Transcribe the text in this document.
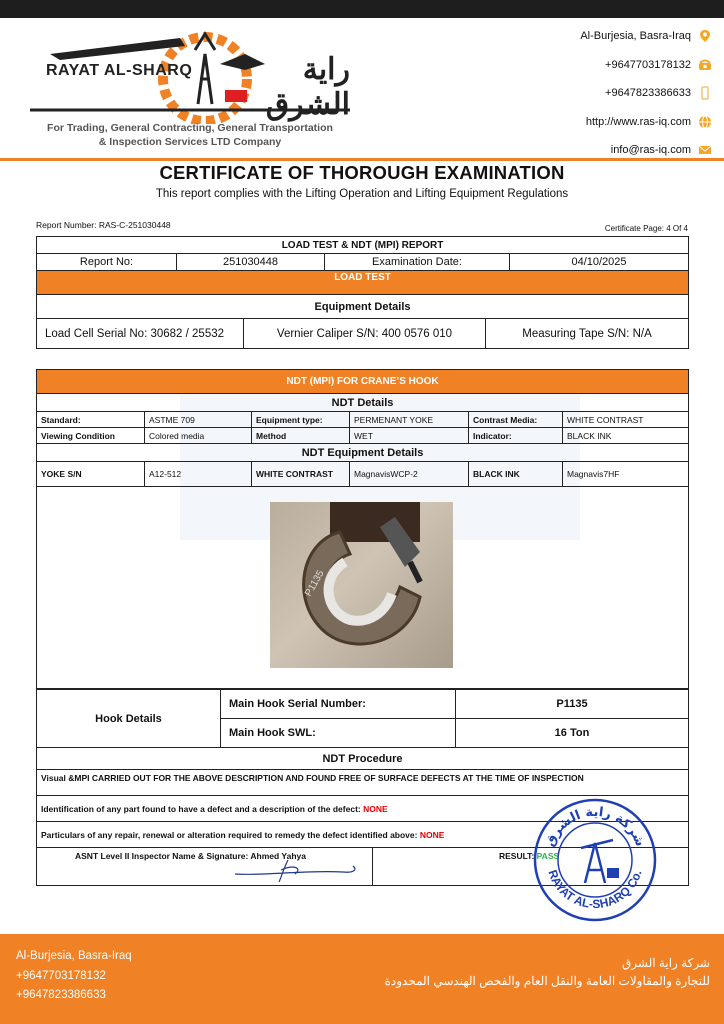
RAYAT AL-SHARQ	راية الشرق
For Trading, General Contracting, General Transportation
& Inspection Services LTD Company
Al-Burjesia, Basra-Iraq
+9647703178132
+9647823386633
http://www.ras-iq.com
info@ras-iq.com
CERTIFICATE OF THOROUGH EXAMINATION
This report complies with the Lifting Operation and Lifting Equipment Regulations
Report Number: RAS-C-251030448	Certificate Page: 4 Of 4
LOAD TEST & NDT (MPI) REPORT
Report No:	251030448	Examination Date:	04/10/2025
LOAD TEST
Equipment Details

Load Cell Serial No: 30682 / 25532	Vernier Caliper S/N: 400 0576 010	Measuring Tape S/N: N/A
NDT (MPI) FOR CRANE’S HOOK					
NDT Details					
Standard:	ASTME 709	Equipment type:	PERMENANT YOKE	Contrast Media:	WHITE CONTRAST
Viewing Condition	Colored media	Method	WET	Indicator:	BLACK INK
NDT Equipment Details					
YOKE S/N	A12-512	WHITE CONTRAST	MagnavisWCP-2	BLACK INK	Magnavis7HF

P1135
Hook Details	Main Hook Serial Number:	P1135
	Main Hook SWL:	16 Ton
NDT Procedure
Visual &MPI CARRIED OUT FOR THE ABOVE DESCRIPTION AND FOUND FREE OF SURFACE DEFECTS AT THE TIME OF INSPECTION
Identification of any part found to have a defect and a description of the defect: NONE
Particulars of any repair, renewal or alteration required to remedy the defect identified above: NONE
ASNT Level II Inspector Name & Signature: Ahmed Yahya	RESULT: PASS
شركة راية الشرق
RAYAT AL-SHARQ Co.
Al-Burjesia, Basra-Iraq
+9647703178132
+9647823386633
شركة راية الشرق
للتجارة والمقاولات العامة والنقل العام والفحص الهندسي المحدودة
